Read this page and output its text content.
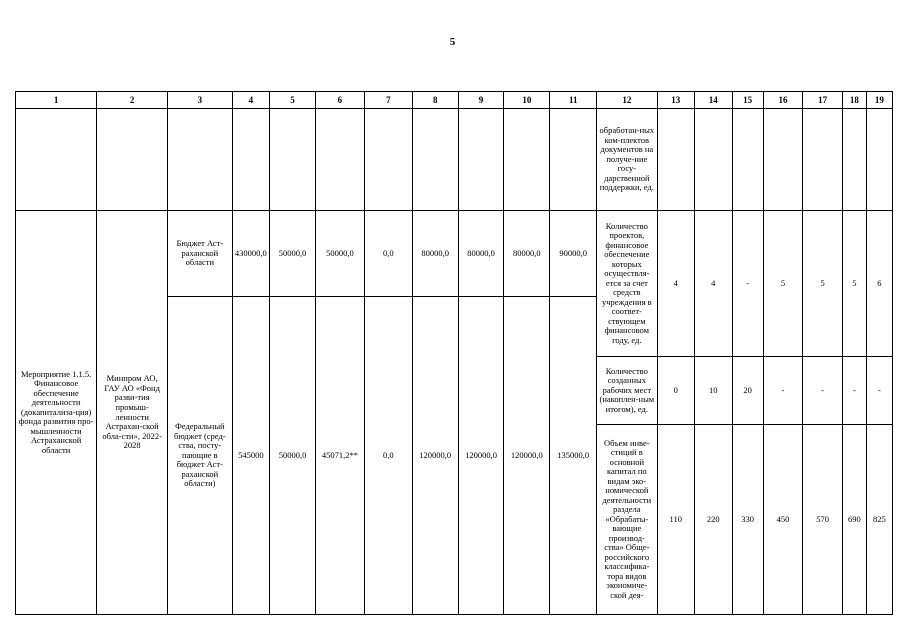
5
1	2	3	4	5	6	7	8	9	10	11	12	13	14	15	16	17	18	19
											обработан-ных ком-плектов документов на получе-ние госу-дарственной поддержки, ед.							
Мероприятие 1.1.5. Финансовое обеспечение деятельности (докапитализа-ция) фонда развития про-мышленности Астраханской области	Минпром АО, ГАУ АО «Фонд разви-тия промыш-ленности Астрахан-ской обла-сти», 2022-2028	Бюджет Аст-раханской области	430000,0	50000,0	50000,0	0,0	80000,0	80000,0	80000,0	90000,0	Количество проектов, финансовое обеспечение которых осуществля-ется за счет средств учреждения в соответ-ствующем финансовом году, ед.	4	4	-	5	5	5	6
		Федеральный бюджет (сред-ства, посту-пающие в бюджет Аст-раханской области)	545000	50000,0	45071,2**	0,0	120000,0	120000,0	120000,0	135000,0								
											Количество созданных рабочих мест (накоплен-ным итогом), ед.	0	10	20	-	-	-	-
											Объем инве-стиций в основной капитал по видам эко-номической деятельности раздела «Обрабаты-вающие производ-ства» Обще-российского классифика-тора видов экономиче-ской дея-	110	220	330	450	570	690	825
